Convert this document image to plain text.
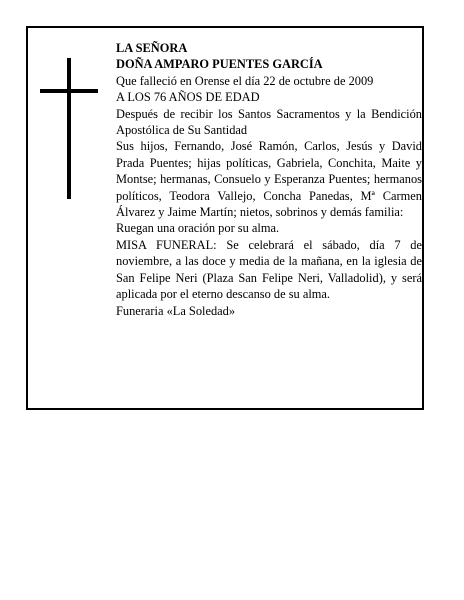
LA SEÑORA

DOÑA AMPARO PUENTES GARCÍA

Que falleció en Orense el día 22 de octubre de 2009

A LOS 76 AÑOS DE EDAD

Después de recibir los Santos Sacramentos y la Bendición Apostólica de Su Santidad

Sus hijos, Fernando, José Ramón, Carlos, Jesús y David Prada Puentes; hijas políticas, Gabriela, Conchita, Maite y Montse; hermanas, Consuelo y Esperanza Puentes; hermanos políticos, Teodora Vallejo, Concha Panedas, Mª Carmen Álvarez y Jaime Martín; nietos, sobrinos y demás familia:

Ruegan una oración por su alma.

MISA FUNERAL: Se celebrará el sábado, día 7 de noviembre, a las doce y media de la mañana, en la iglesia de San Felipe Neri (Plaza San Felipe Neri, Valladolid), y será aplicada por el eterno descanso de su alma.

Funeraria «La Soledad»
